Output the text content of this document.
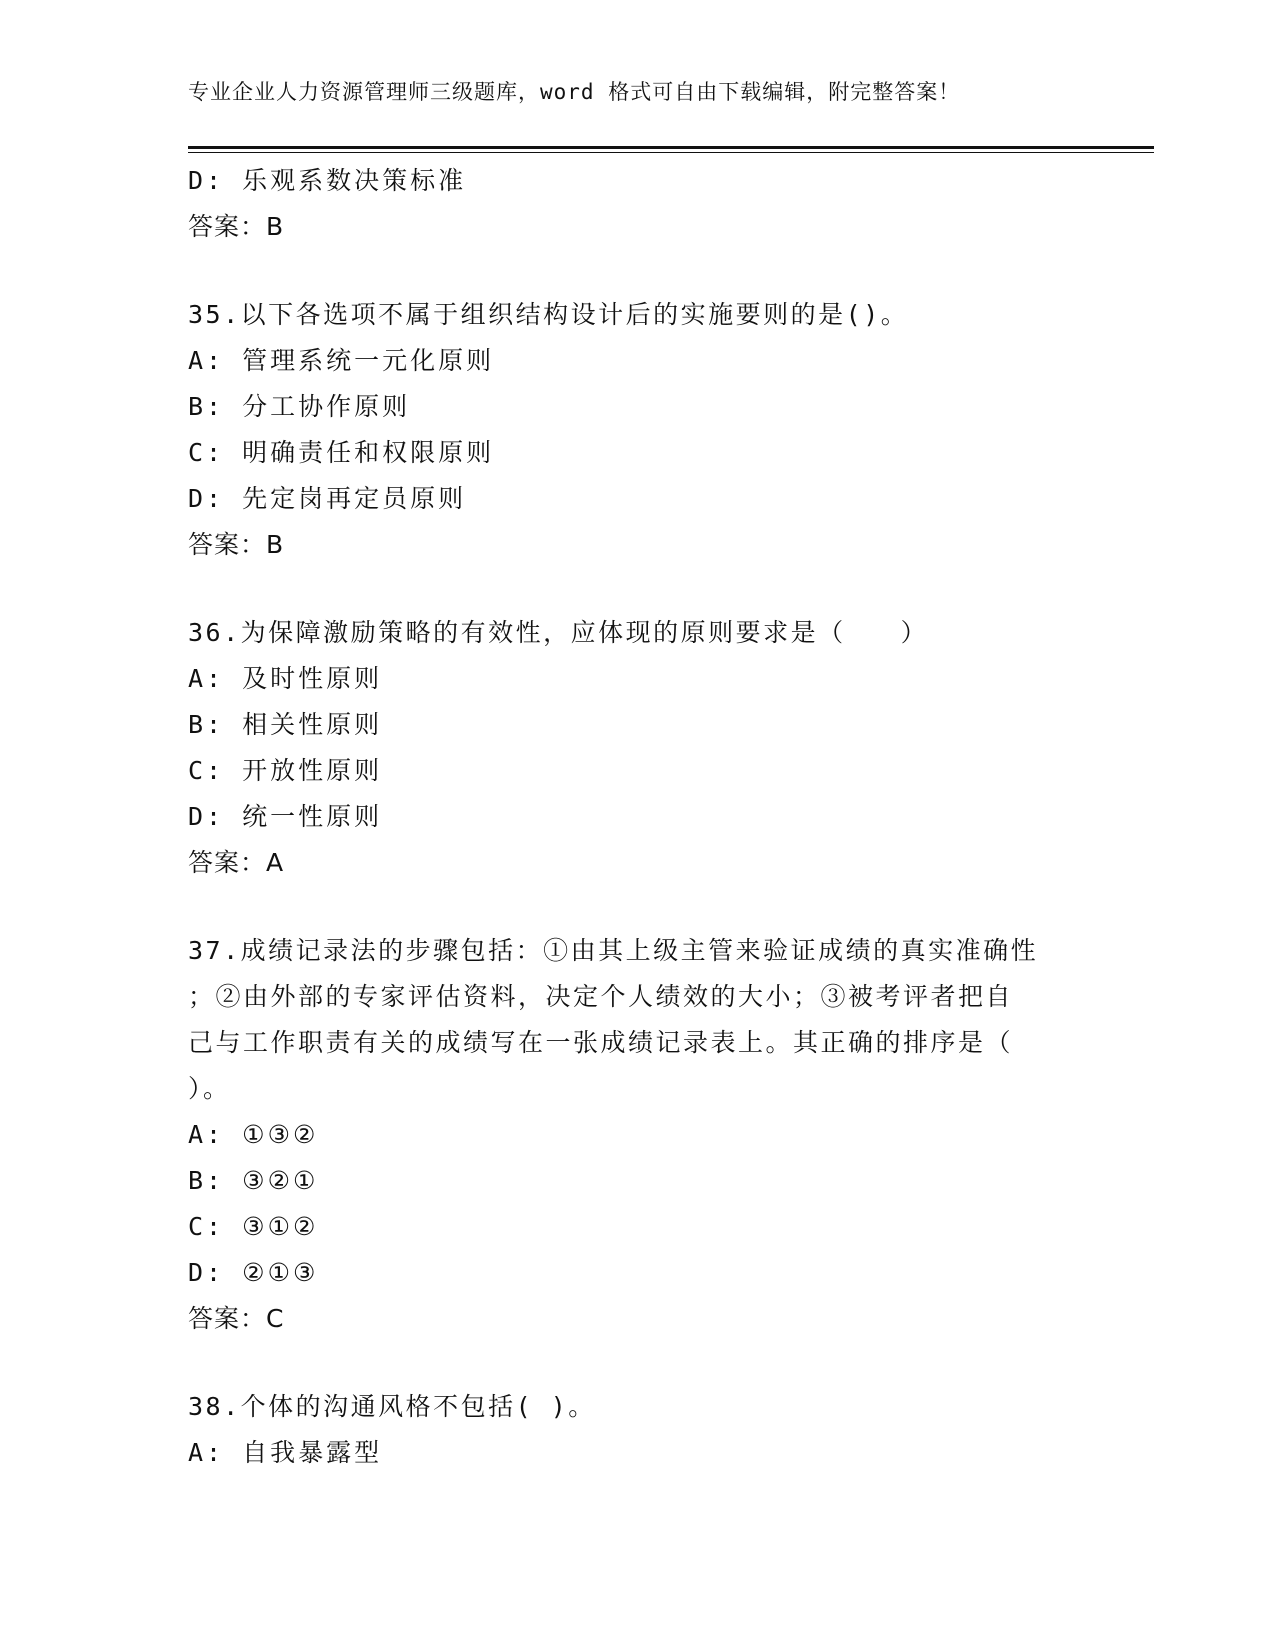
专业企业人力资源管理师三级题库，word 格式可自由下载编辑，附完整答案！
D: 乐观系数决策标准
答案：B
35.以下各选项不属于组织结构设计后的实施要则的是()。
A: 管理系统一元化原则
B: 分工协作原则
C: 明确责任和权限原则
D: 先定岗再定员原则
答案：B
36.为保障激励策略的有效性，应体现的原则要求是（　　）
A: 及时性原则
B: 相关性原则
C: 开放性原则
D: 统一性原则
答案：A
37.成绩记录法的步骤包括：①由其上级主管来验证成绩的真实准确性
；②由外部的专家评估资料，决定个人绩效的大小；③被考评者把自
己与工作职责有关的成绩写在一张成绩记录表上。其正确的排序是（
）。
A: ①③②
B: ③②①
C: ③①②
D: ②①③
答案：C
38.个体的沟通风格不包括( )。
A: 自我暴露型
